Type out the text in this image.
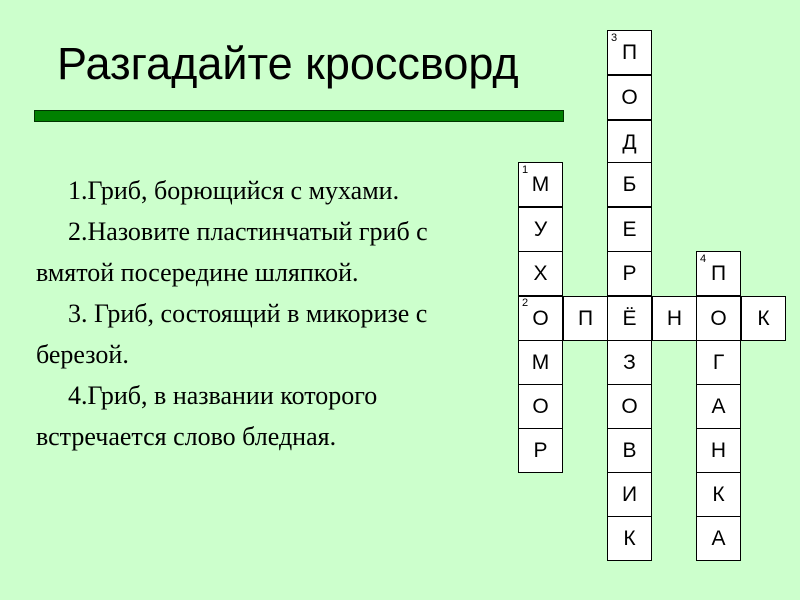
Разгадайте кроссворд

1.Гриб, борющийся с мухами.

2.Назовите пластинчатый гриб с вмятой посередине шляпкой.

3. Гриб, состоящий в микоризе с березой.

4.Гриб, в названии которого встречается слово бледная.

П
О
Д
Б
Е
Р
Ё
З
О
В
И
К
М
У
Х
О
М
О
Р
П	Н	К
П
О
Г
А
Н
К
А
1
2
3
4
